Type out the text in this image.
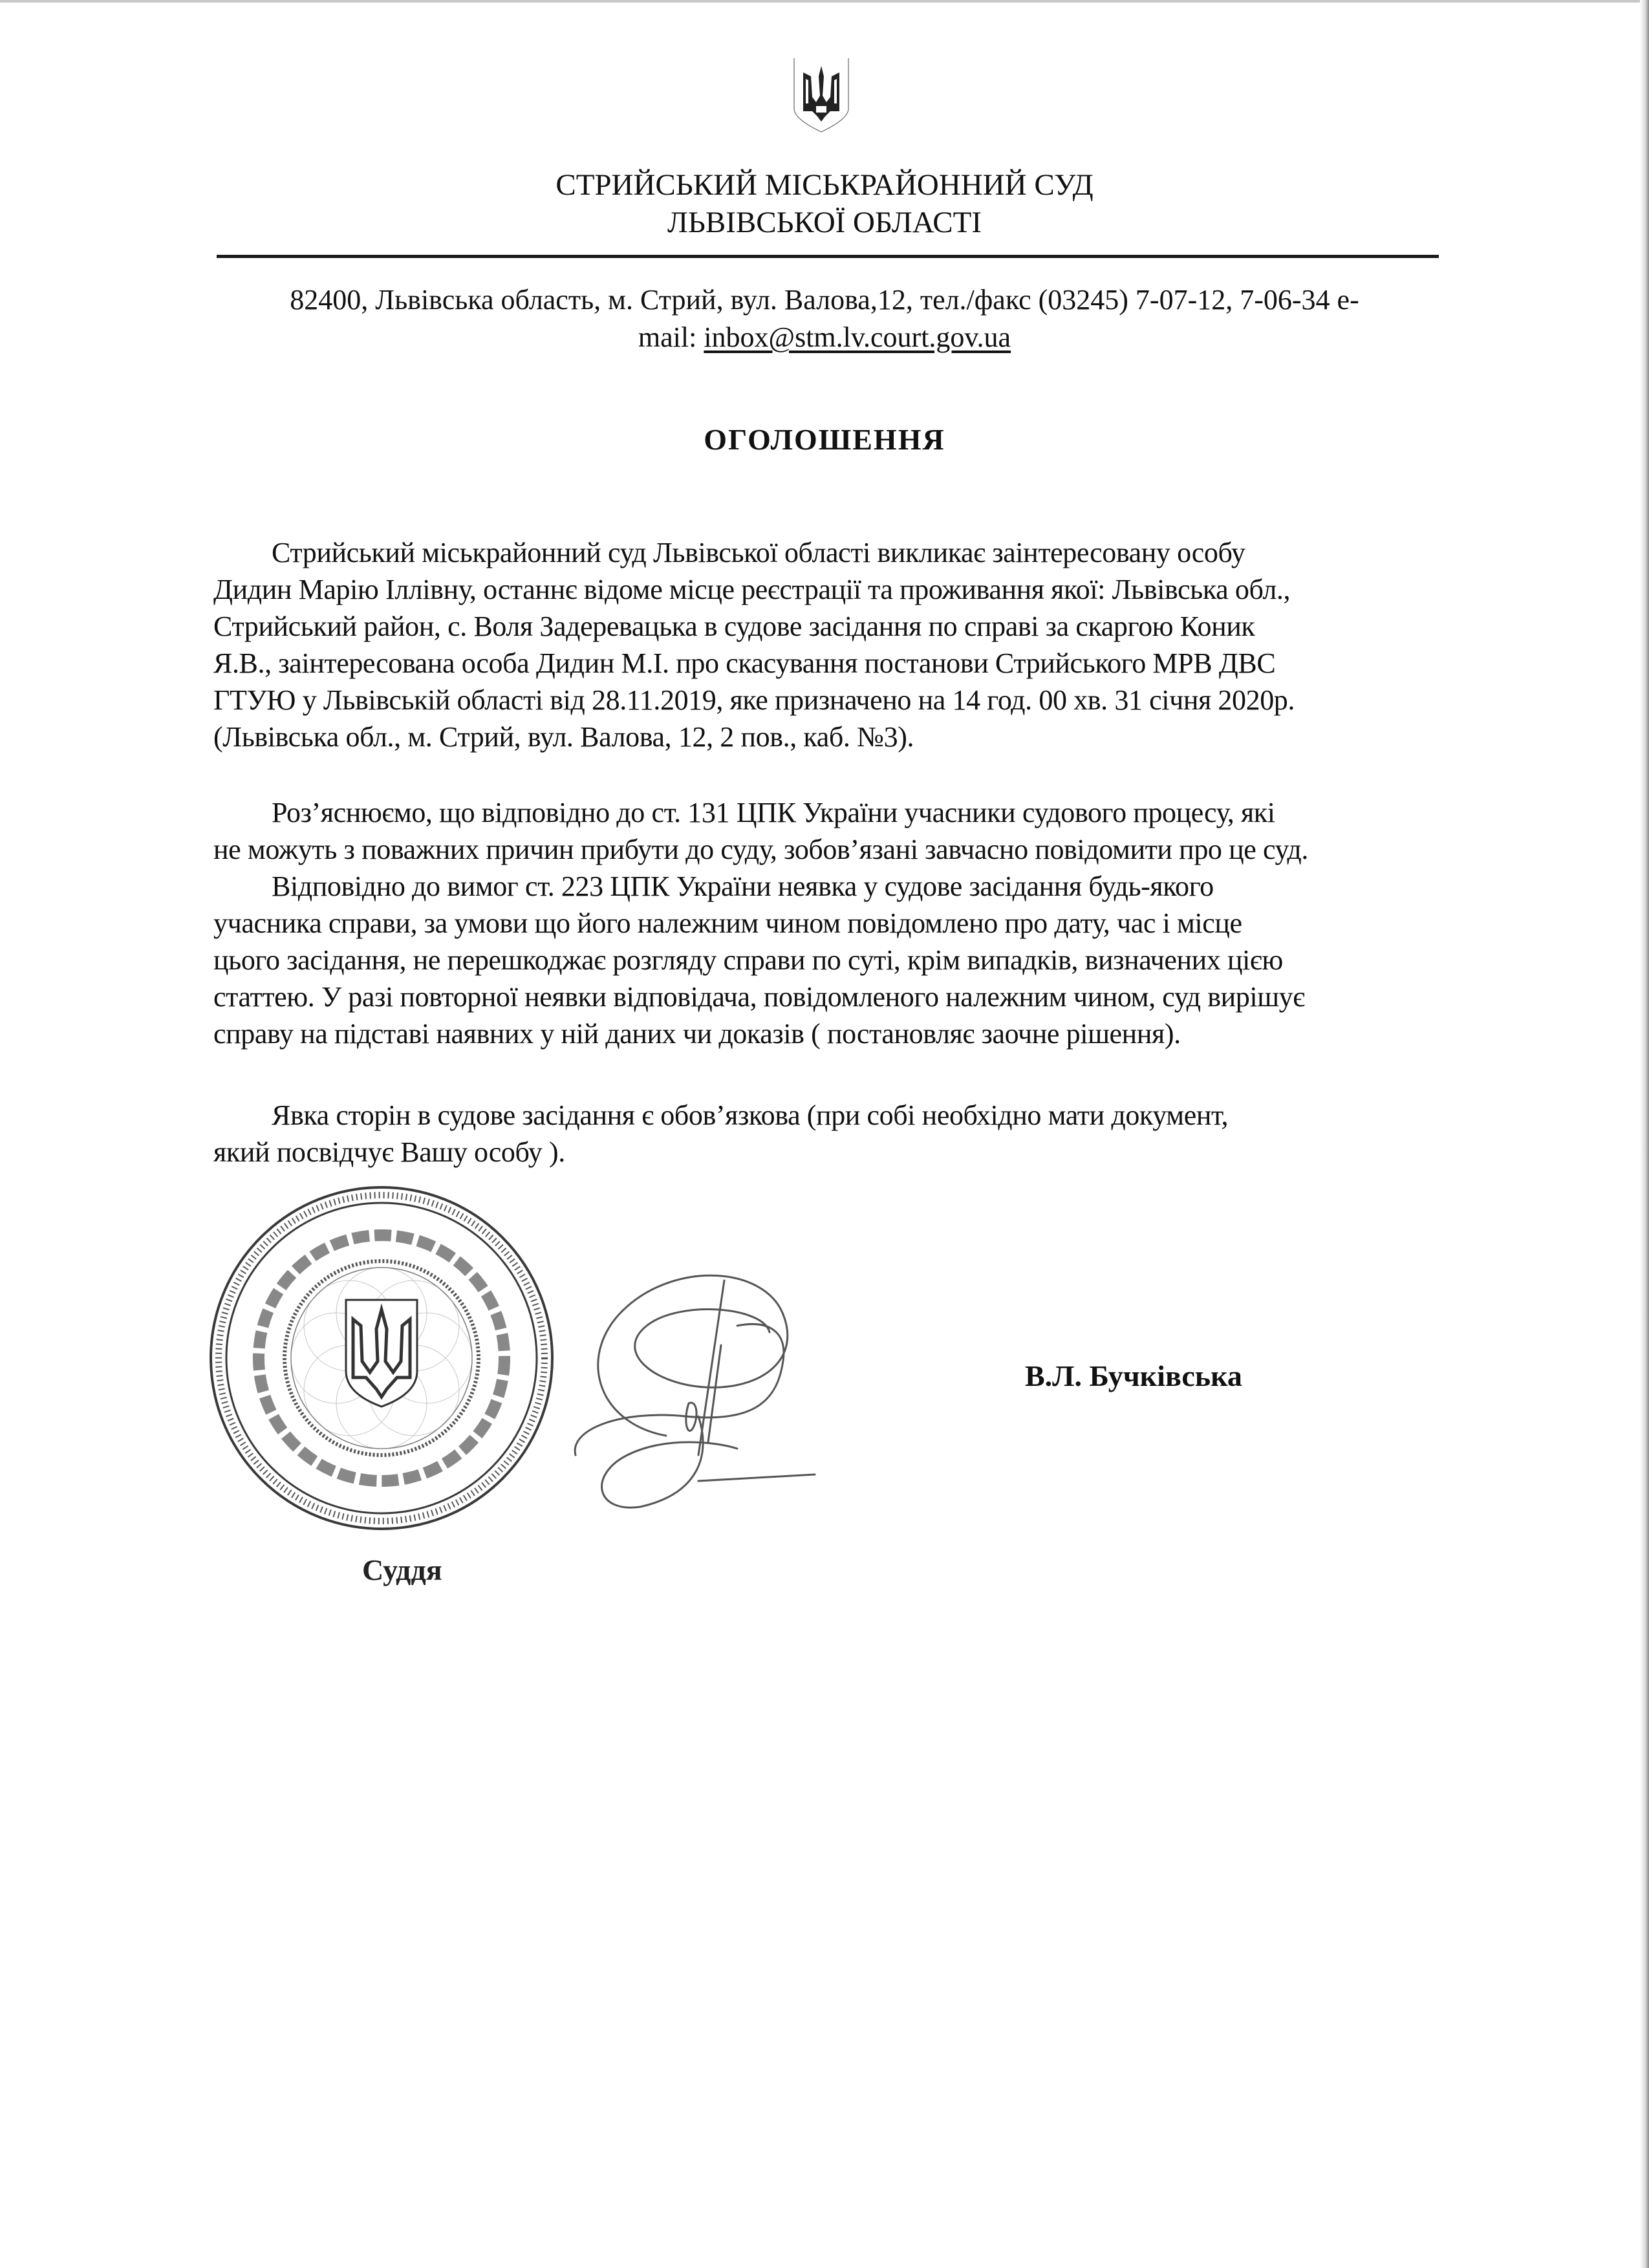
СТРИЙСЬКИЙ МІСЬКРАЙОННИЙ СУД
ЛЬВІВСЬКОЇ ОБЛАСТІ
82400, Львівська область, м. Стрий, вул. Валова,12, тел./факс (03245) 7-07-12, 7-06-34 e-
mail: inbox@stm.lv.court.gov.ua
ОГОЛОШЕННЯ
Стрийський міськрайонний суд Львівської області викликає заінтересовану особу
Дидин Марію Іллівну, останнє відоме місце реєстрації та проживання якої: Львівська обл.,
Стрийський район, с. Воля Задеревацька в судове засідання по справі за скаргою Коник
Я.В., заінтересована особа Дидин М.І. про скасування постанови Стрийського МРВ ДВС
ГТУЮ у Львівській області від 28.11.2019, яке призначено на 14 год. 00 хв. 31 січня 2020р.
(Львівська обл., м. Стрий, вул. Валова, 12, 2 пов., каб. №3).
Роз’яснюємо, що відповідно до ст. 131 ЦПК України учасники судового процесу, які
не можуть з поважних причин прибути до суду, зобов’язані завчасно повідомити про це суд.
Відповідно до вимог ст. 223 ЦПК України неявка у судове засідання будь-якого
учасника справи, за умови що його належним чином повідомлено про дату, час і місце
цього засідання, не перешкоджає розгляду справи по суті, крім випадків, визначених цією
статтею. У разі повторної неявки відповідача, повідомленого належним чином, суд вирішує
справу на підставі наявних у ній даних чи доказів ( постановляє заочне рішення).
Явка сторін в судове засідання є обов’язкова (при собі необхідно мати документ,
який посвідчує Вашу особу ).
Суддя
В.Л. Бучківська
